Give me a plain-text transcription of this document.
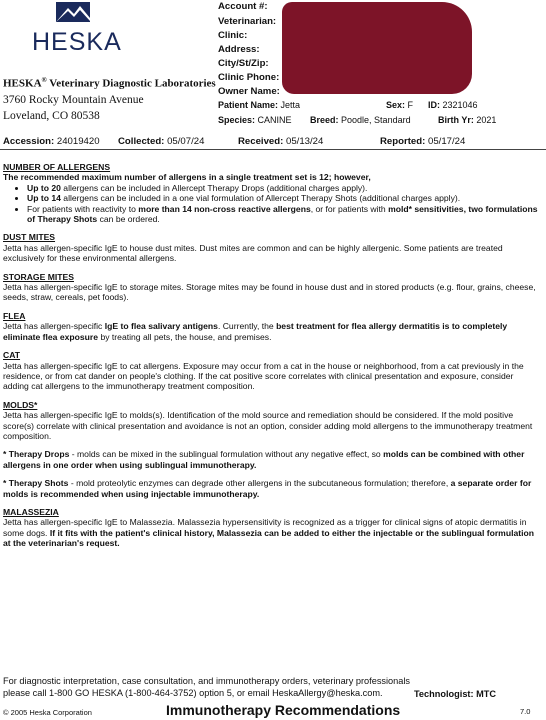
HESKA
HESKA® Veterinary Diagnostic Laboratories
3760 Rocky Mountain Avenue
Loveland, CO 80538
Account #:
Veterinarian:
Clinic:
Address:
City/St/Zip:
Clinic Phone:
Owner Name:
Patient Name: Jetta	Sex: F ID: 2321046
Species: CANINE Breed: Poodle, Standard	Birth Yr: 2021
Accession: 24019420 Collected: 05/07/24	Received: 05/13/24	Reported: 05/17/24
NUMBER OF ALLERGENS

The recommended maximum number of allergens in a single treatment set is 12; however,

• Up to 20 allergens can be included in Allercept Therapy Drops (additional charges apply).
• Up to 14 allergens can be included in a one vial formulation of Allercept Therapy Shots (additional charges apply).
• For patients with reactivity to more than 14 non-cross reactive allergens, or for patients with mold* sensitivities, two formulations of Therapy Shots can be ordered.
DUST MITES

Jetta has allergen-specific IgE to house dust mites. Dust mites are common and can be highly allergenic. Some patients are treated exclusively for these environmental allergens.

STORAGE MITES

Jetta has allergen-specific IgE to storage mites. Storage mites may be found in house dust and in stored products (e.g. flour, grains, cheese, seeds, straw, cereals, pet foods).

FLEA

Jetta has allergen-specific IgE to flea salivary antigens. Currently, the best treatment for flea allergy dermatitis is to completely eliminate flea exposure by treating all pets, the house, and premises.

CAT

Jetta has allergen-specific IgE to cat allergens. Exposure may occur from a cat in the house or neighborhood, from a cat previously in the residence, or from cat dander on people's clothing. If the cat positive score correlates with clinical presentation and exposure, consider adding cat allergens to the immunotherapy treatment composition.

MOLDS*

Jetta has allergen-specific IgE to molds(s). Identification of the mold source and remediation should be considered. If the mold positive score(s) correlate with clinical presentation and avoidance is not an option, consider adding mold allergens to the immunotherapy treatment composition.

* Therapy Drops - molds can be mixed in the sublingual formulation without any negative effect, so molds can be combined with other allergens in one order when using sublingual immunotherapy.

* Therapy Shots - mold proteolytic enzymes can degrade other allergens in the subcutaneous formulation; therefore, a separate order for molds is recommended when using injectable immunotherapy.

MALASSEZIA

Jetta has allergen-specific IgE to Malassezia. Malassezia hypersensitivity is recognized as a trigger for clinical signs of atopic dermatitis in some dogs. If it fits with the patient's clinical history, Malassezia can be added to either the injectable or the sublingual formulation at the veterinarian's request.

For diagnostic interpretation, case consultation, and immunotherapy orders, veterinary professionals
please call 1-800 GO HESKA (1-800-464-3752) option 5, or email HeskaAllergy@heska.com.	Technologist: MTC
© 2005 Heska Corporation	Immunotherapy Recommendations	7.0
